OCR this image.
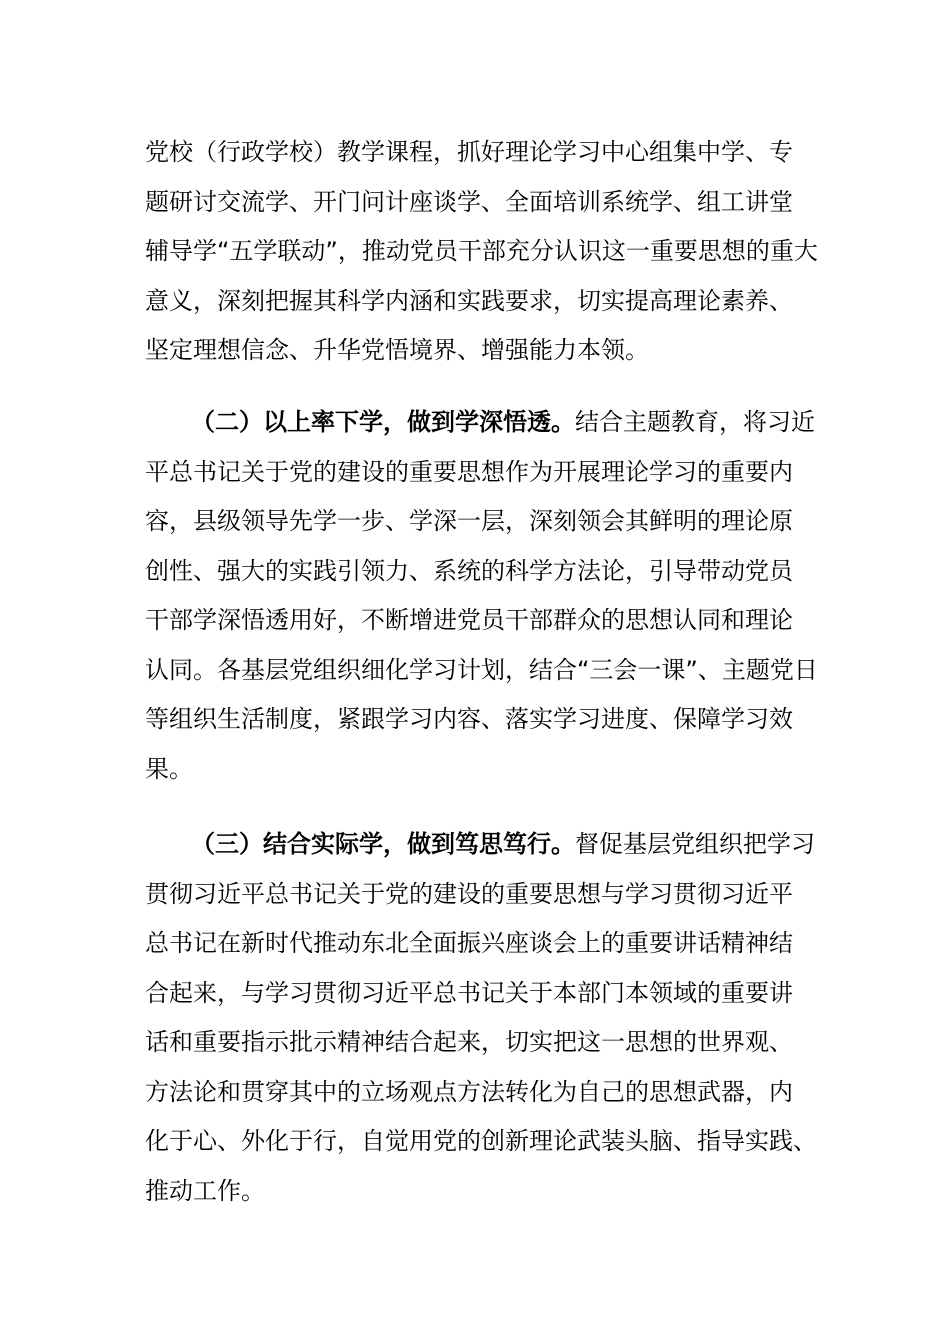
党校（行政学校）教学课程，抓好理论学习中心组集中学、专
题研讨交流学、开门问计座谈学、全面培训系统学、组工讲堂
辅导学“五学联动”，推动党员干部充分认识这一重要思想的重大
意义，深刻把握其科学内涵和实践要求，切实提高理论素养、
坚定理想信念、升华党悟境界、增强能力本领。
（二）以上率下学，做到学深悟透。结合主题教育，将习近
平总书记关于党的建设的重要思想作为开展理论学习的重要内
容，县级领导先学一步、学深一层，深刻领会其鲜明的理论原
创性、强大的实践引领力、系统的科学方法论，引导带动党员
干部学深悟透用好，不断增进党员干部群众的思想认同和理论
认同。各基层党组织细化学习计划，结合“三会一课”、主题党日
等组织生活制度，紧跟学习内容、落实学习进度、保障学习效
果。
（三）结合实际学，做到笃思笃行。督促基层党组织把学习
贯彻习近平总书记关于党的建设的重要思想与学习贯彻习近平
总书记在新时代推动东北全面振兴座谈会上的重要讲话精神结
合起来，与学习贯彻习近平总书记关于本部门本领域的重要讲
话和重要指示批示精神结合起来，切实把这一思想的世界观、
方法论和贯穿其中的立场观点方法转化为自己的思想武器，内
化于心、外化于行，自觉用党的创新理论武装头脑、指导实践、
推动工作。
